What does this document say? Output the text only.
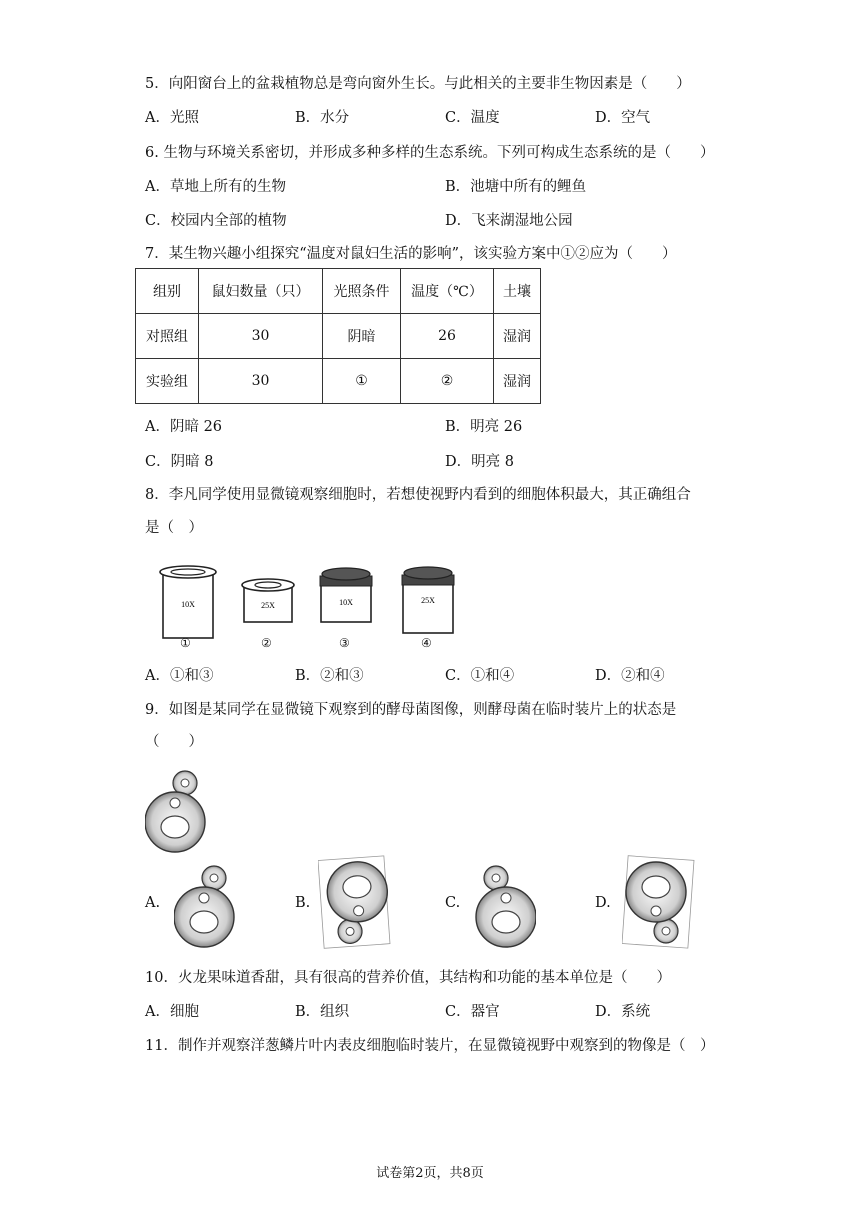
5．向阳窗台上的盆栽植物总是弯向窗外生长。与此相关的主要非生物因素是（　　）
A．光照	B．水分	C．温度	D．空气
6. 生物与环境关系密切，并形成多种多样的生态系统。下列可构成生态系统的是（　　）
A．草地上所有的生物	B．池塘中所有的鲤鱼
C．校园内全部的植物	D．飞来湖湿地公园
7．某生物兴趣小组探究“温度对鼠妇生活的影响”，该实验方案中①②应为（　　）
组别	鼠妇数量（只）	光照条件	温度（℃）	土壤
对照组	30	阴暗	26	湿润
实验组	30	①	②	湿润
A．阴暗 26	B．明亮 26
C．阴暗 8	D．明亮 8
8．李凡同学使用显微镜观察细胞时，若想使视野内看到的细胞体积最大，其正确组合
是（　）
10X	25X	10X	25X
①	②	③	④
A．①和③	B．②和③	C．①和④	D．②和④
9．如图是某同学在显微镜下观察到的酵母菌图像，则酵母菌在临时装片上的状态是
（　　）
A.	B.	C.	D.
10．火龙果味道香甜，具有很高的营养价值，其结构和功能的基本单位是（　　）
A．细胞	B．组织	C．器官	D．系统
11．制作并观察洋葱鳞片叶内表皮细胞临时装片，在显微镜视野中观察到的物像是（　）
试卷第2页，共8页
